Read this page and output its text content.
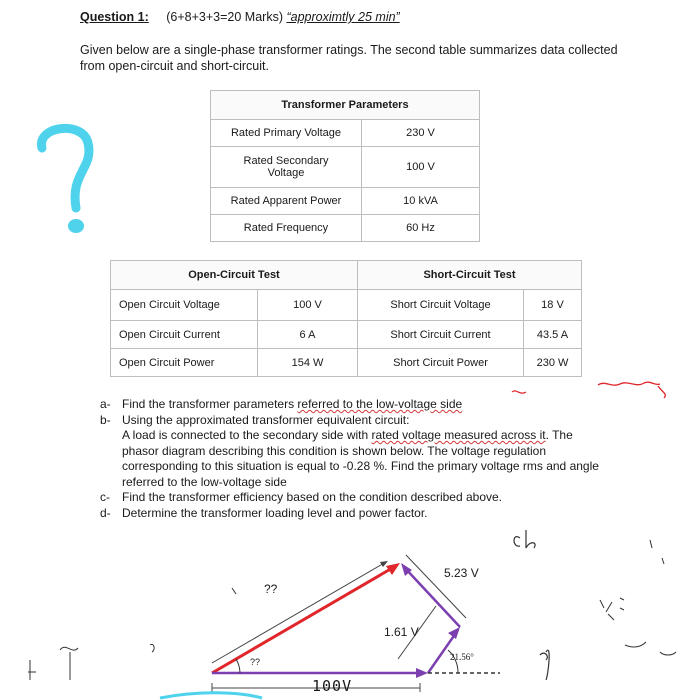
Question 1: (6+8+3+3=20 Marks) “approximtly 25 min”
Given below are a single-phase transformer ratings. The second table summarizes data collected from open-circuit and short-circuit.
Transformer Parameters	
Rated Primary Voltage	230 V
Rated Secondary Voltage	100 V
Rated Apparent Power	10 kVA
Rated Frequency	60 Hz
Open-Circuit Test		Short-Circuit Test	
Open Circuit Voltage	100 V	Short Circuit Voltage	18 V
Open Circuit Current	6 A	Short Circuit Current	43.5 A
Open Circuit Power	154 W	Short Circuit Power	230 W
a- Find the transformer parameters referred to the low-voltage side
b- Using the approximated transformer equivalent circuit:
A load is connected to the secondary side with rated voltage measured across it. The phasor diagram describing this condition is shown below. The voltage regulation corresponding to this situation is equal to -0.28 %. Find the primary voltage rms and angle referred to the low-voltage side
c-	Find the transformer efficiency based on the condition described above.
d- Determine the transformer loading level and power factor.
??
??
5.23 V
1.61 V
21.56°
100V
